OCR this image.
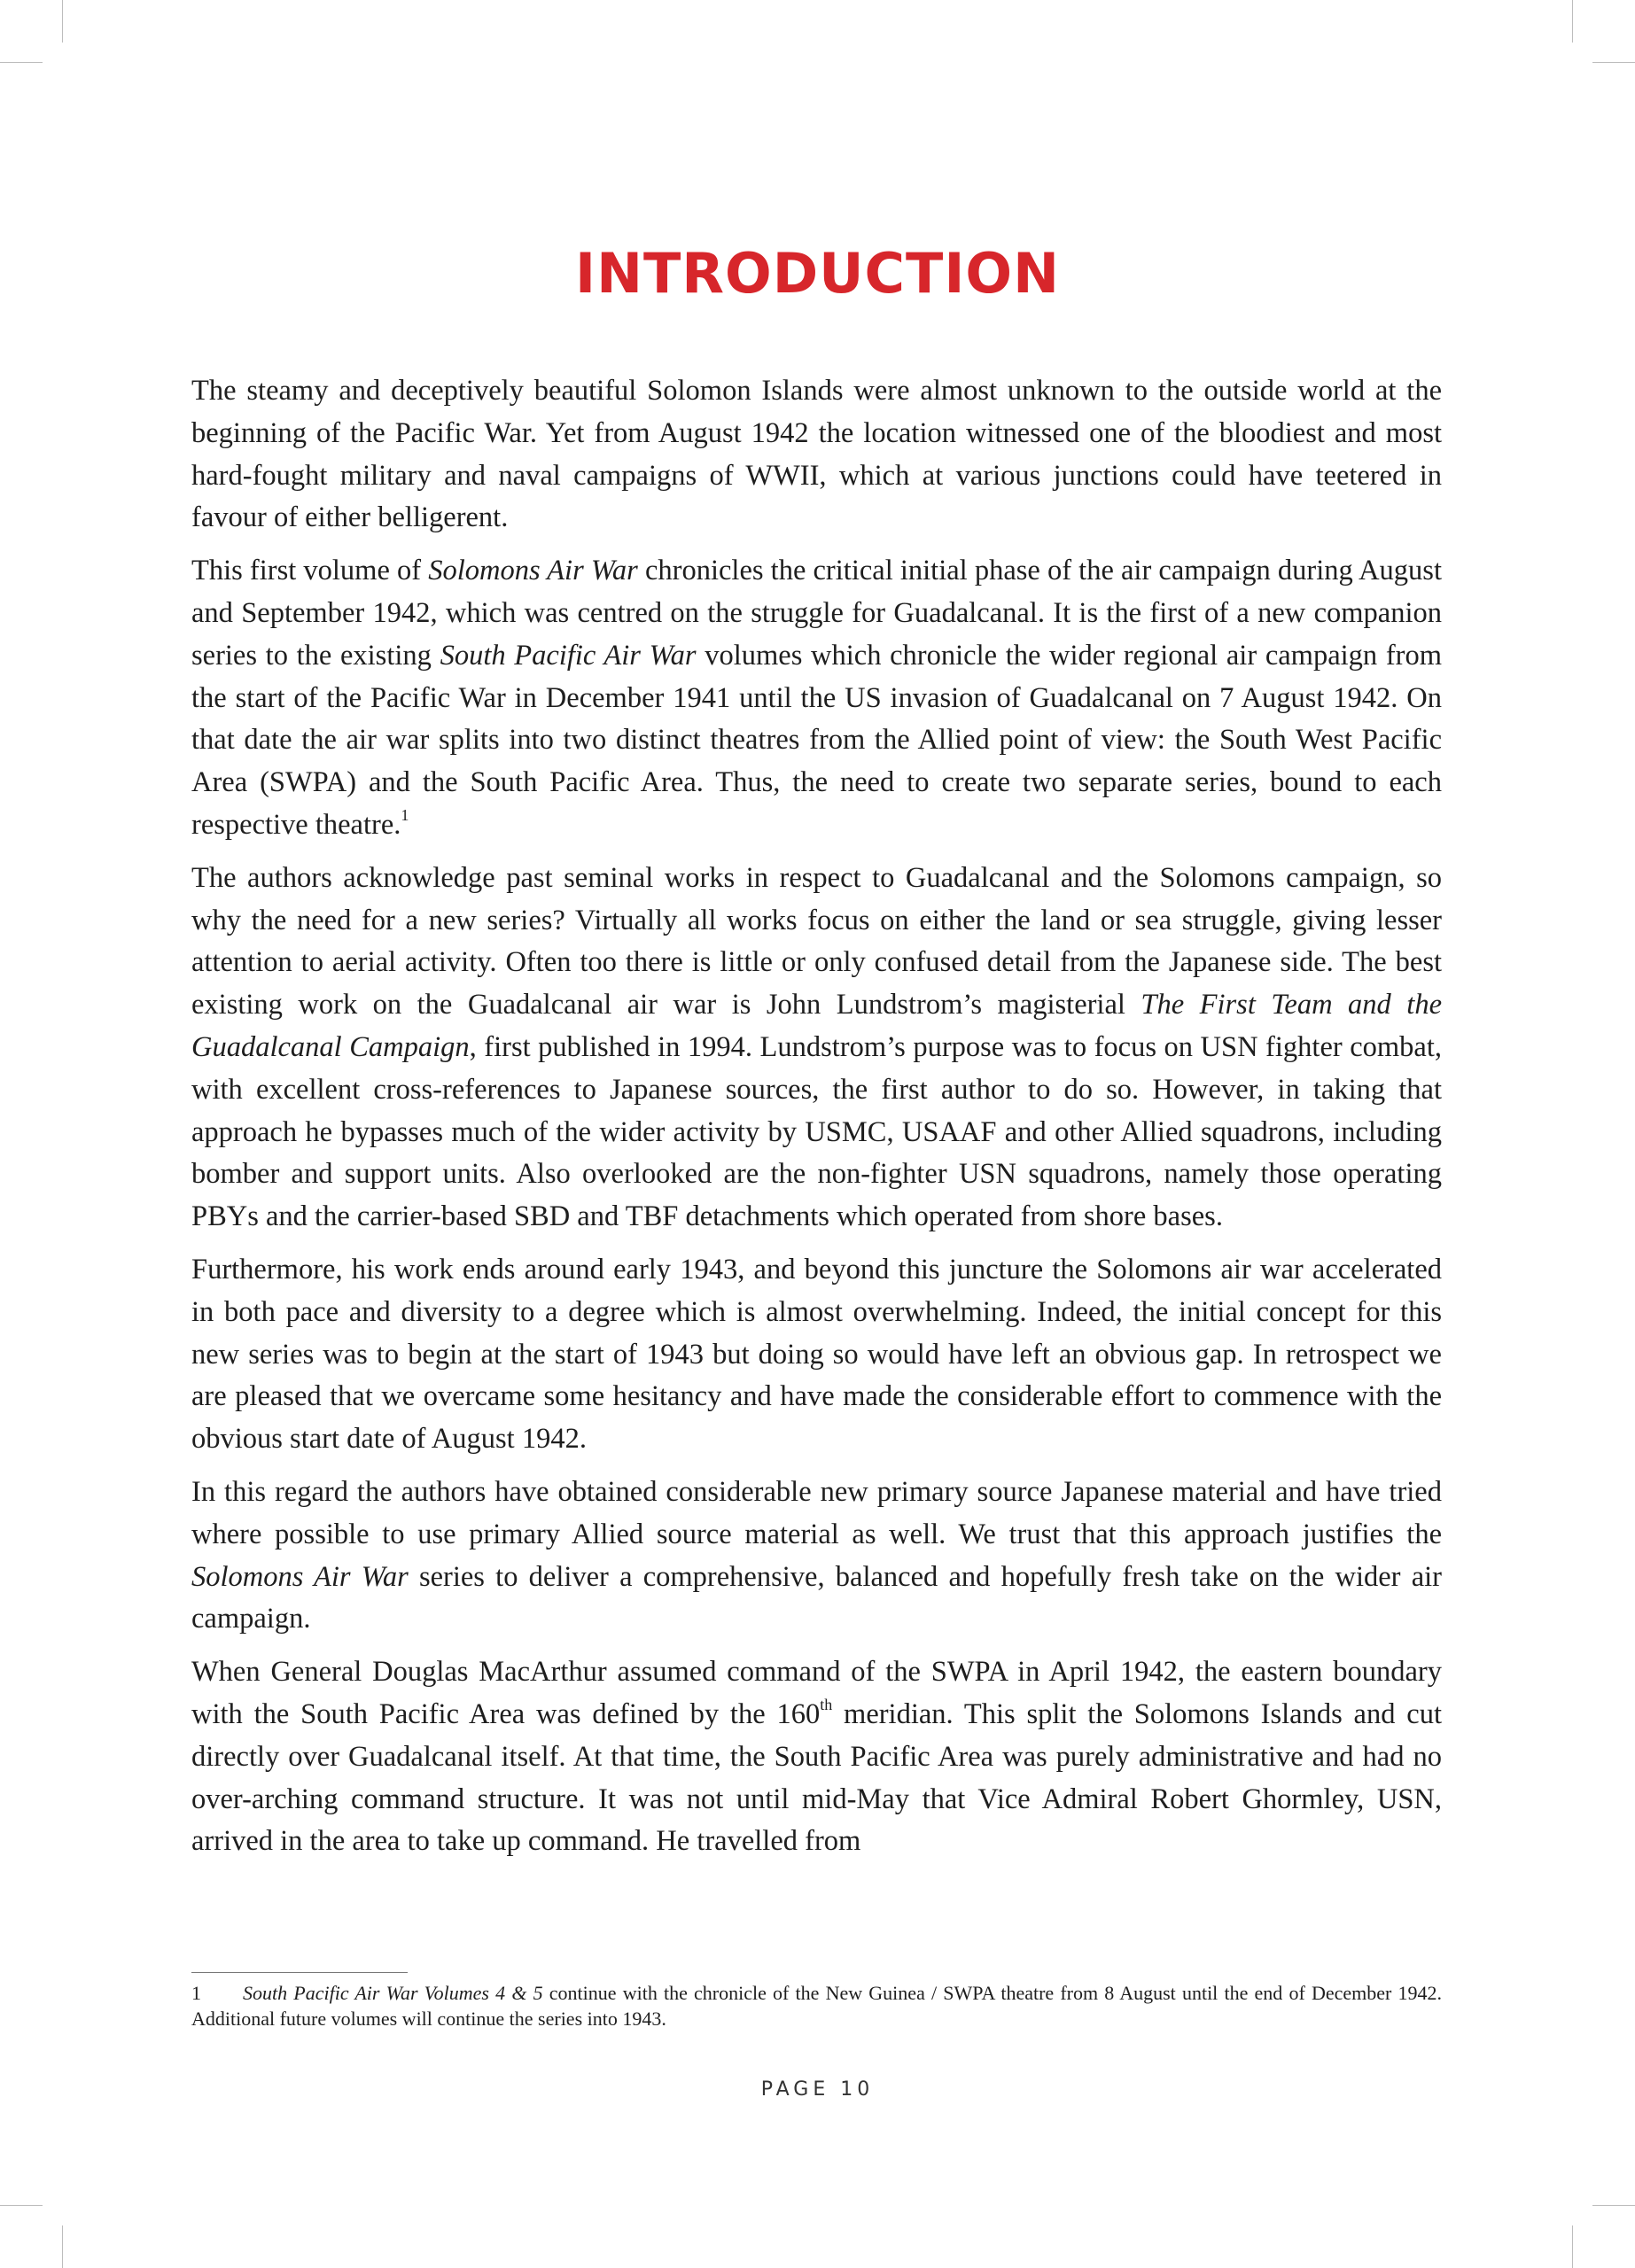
INTRODUCTION

The steamy and deceptively beautiful Solomon Islands were almost unknown to the outside world at the beginning of the Pacific War. Yet from August 1942 the location witnessed one of the bloodiest and most hard-fought military and naval campaigns of WWII, which at various junctions could have teetered in favour of either belligerent.

This first volume of Solomons Air War chronicles the critical initial phase of the air campaign during August and September 1942, which was centred on the struggle for Guadalcanal. It is the first of a new companion series to the existing South Pacific Air War volumes which chronicle the wider regional air campaign from the start of the Pacific War in December 1941 until the US invasion of Guadalcanal on 7 August 1942. On that date the air war splits into two distinct theatres from the Allied point of view: the South West Pacific Area (SWPA) and the South Pacific Area. Thus, the need to create two separate series, bound to each respective theatre.$^1$

The authors acknowledge past seminal works in respect to Guadalcanal and the Solomons campaign, so why the need for a new series? Virtually all works focus on either the land or sea struggle, giving lesser attention to aerial activity. Often too there is little or only confused detail from the Japanese side. The best existing work on the Guadalcanal air war is John Lundstrom’s magisterial The First Team and the Guadalcanal Campaign, first published in 1994. Lundstrom’s purpose was to focus on USN fighter combat, with excellent cross-references to Japanese sources, the first author to do so. However, in taking that approach he bypasses much of the wider activity by USMC, USAAF and other Allied squadrons, including bomber and support units. Also overlooked are the non-fighter USN squadrons, namely those operating PBYs and the carrier-based SBD and TBF detachments which operated from shore bases.

Furthermore, his work ends around early 1943, and beyond this juncture the Solomons air war accelerated in both pace and diversity to a degree which is almost overwhelming. Indeed, the initial concept for this new series was to begin at the start of 1943 but doing so would have left an obvious gap. In retrospect we are pleased that we overcame some hesitancy and have made the considerable effort to commence with the obvious start date of August 1942.

In this regard the authors have obtained considerable new primary source Japanese material and have tried where possible to use primary Allied source material as well. We trust that this approach justifies the Solomons Air War series to deliver a comprehensive, balanced and hopefully fresh take on the wider air campaign.

When General Douglas MacArthur assumed command of the SWPA in April 1942, the eastern boundary with the South Pacific Area was defined by the 160th meridian. This split the Solomons Islands and cut directly over Guadalcanal itself. At that time, the South Pacific Area was purely administrative and had no over-arching command structure. It was not until mid-May that Vice Admiral Robert Ghormley, USN, arrived in the area to take up command. He travelled from

1 South Pacific Air War Volumes 4 & 5 continue with the chronicle of the New Guinea / SWPA theatre from 8 August until the end of December 1942. Additional future volumes will continue the series into 1943.
PAGE 10
